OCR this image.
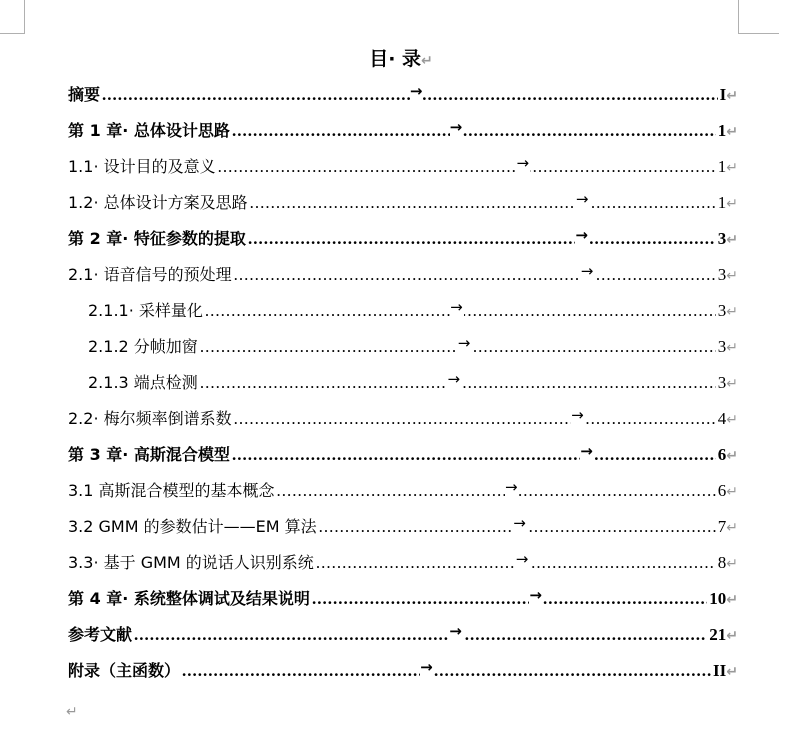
目· 录↵
摘要	..... →	I ↵
第 1 章· 总体设计思路	..... →	1 ↵
1.1· 设计目的及意义	..... →	1 ↵
1.2· 总体设计方案及思路	..... →	1 ↵
第 2 章· 特征参数的提取	..... →	3 ↵
2.1· 语音信号的预处理	..... →	3 ↵
2.1.1· 采样量化	..... →	3 ↵
2.1.2 分帧加窗	..... →	3 ↵
2.1.3 端点检测	..... →	3 ↵
2.2· 梅尔频率倒谱系数	..... →	4 ↵
第 3 章· 高斯混合模型	..... →	6 ↵
3.1 高斯混合模型的基本概念	..... →	6 ↵
3.2 GMM 的参数估计——EM 算法	..... →	7 ↵
3.3· 基于 GMM 的说话人识别系统	..... →	8 ↵
第 4 章· 系统整体调试及结果说明	..... →	10 ↵
参考文献	..... →	21 ↵
附录（主函数）	..... →	II ↵
↵
